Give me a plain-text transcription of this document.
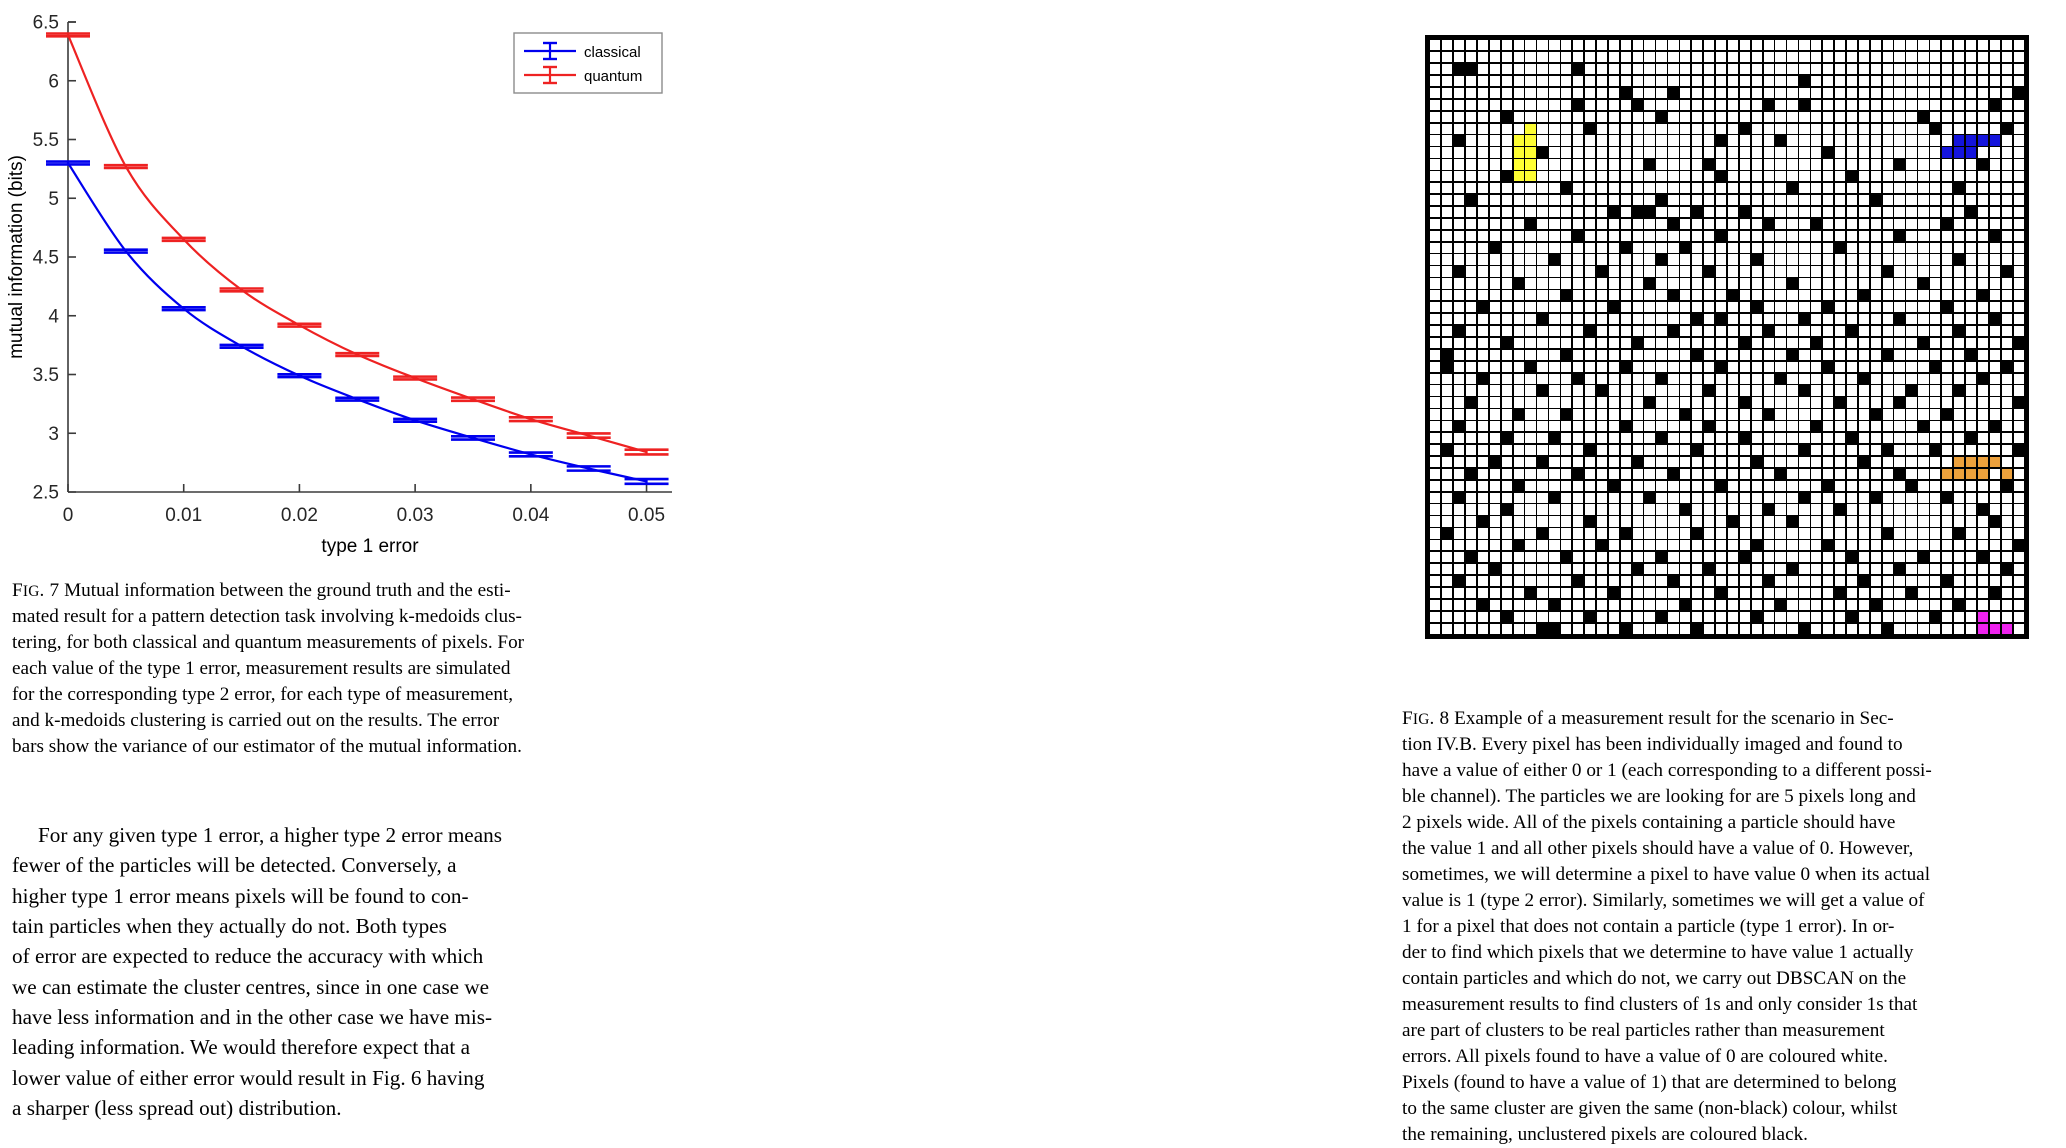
2.5
3
3.5
4
4.5
5
5.5
6
6.5
0	0.01	0.02	0.03	0.04	0.05
type 1 error
mutual information (bits)
classical
quantum
FIG. 7 Mutual information between the ground truth and the esti-
mated result for a pattern detection task involving k-medoids clus-
tering, for both classical and quantum measurements of pixels. For
each value of the type 1 error, measurement results are simulated
for the corresponding type 2 error, for each type of measurement,
and k-medoids clustering is carried out on the results. The error
bars show the variance of our estimator of the mutual information.
For any given type 1 error, a higher type 2 error means
fewer of the particles will be detected. Conversely, a
higher type 1 error means pixels will be found to con-
tain particles when they actually do not. Both types
of error are expected to reduce the accuracy with which
we can estimate the cluster centres, since in one case we
have less information and in the other case we have mis-
leading information. We would therefore expect that a
lower value of either error would result in Fig. 6 having
a sharper (less spread out) distribution.
FIG. 8 Example of a measurement result for the scenario in Sec-
tion IV.B. Every pixel has been individually imaged and found to
have a value of either 0 or 1 (each corresponding to a different possi-
ble channel). The particles we are looking for are 5 pixels long and
2 pixels wide. All of the pixels containing a particle should have
the value 1 and all other pixels should have a value of 0. However,
sometimes, we will determine a pixel to have value 0 when its actual
value is 1 (type 2 error). Similarly, sometimes we will get a value of
1 for a pixel that does not contain a particle (type 1 error). In or-
der to find which pixels that we determine to have value 1 actually
contain particles and which do not, we carry out DBSCAN on the
measurement results to find clusters of 1s and only consider 1s that
are part of clusters to be real particles rather than measurement
errors. All pixels found to have a value of 0 are coloured white.
Pixels (found to have a value of 1) that are determined to belong
to the same cluster are given the same (non-black) colour, whilst
the remaining, unclustered pixels are coloured black.
